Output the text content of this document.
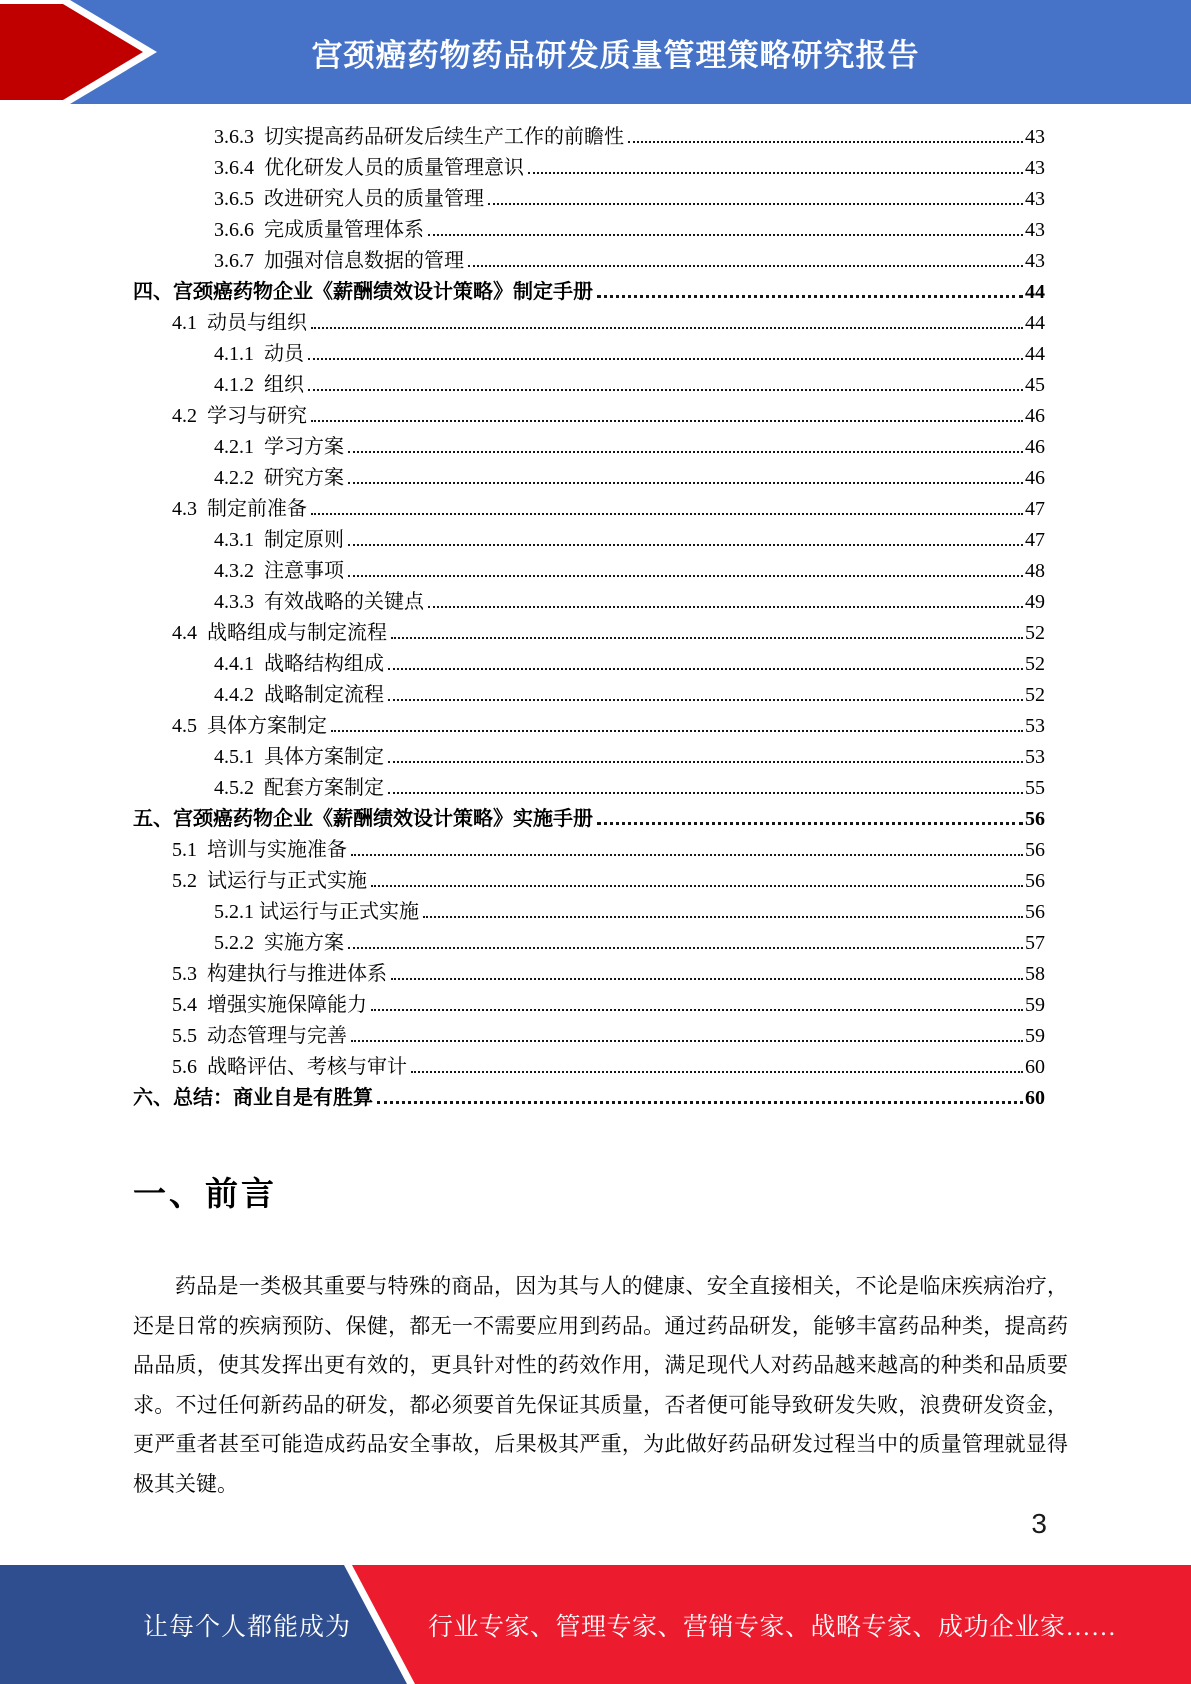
宫颈癌药物药品研发质量管理策略研究报告
3.6.3  切实提高药品研发后续生产工作的前瞻性	43
3.6.4  优化研发人员的质量管理意识	43
3.6.5  改进研究人员的质量管理	43
3.6.6  完成质量管理体系	43
3.6.7  加强对信息数据的管理	43
四、宫颈癌药物企业《薪酬绩效设计策略》制定手册	44
4.1  动员与组织	44
4.1.1  动员	44
4.1.2  组织	45
4.2  学习与研究	46
4.2.1  学习方案	46
4.2.2  研究方案	46
4.3  制定前准备	47
4.3.1  制定原则	47
4.3.2  注意事项	48
4.3.3  有效战略的关键点	49
4.4  战略组成与制定流程	52
4.4.1  战略结构组成	52
4.4.2  战略制定流程	52
4.5  具体方案制定	53
4.5.1  具体方案制定	53
4.5.2  配套方案制定	55
五、宫颈癌药物企业《薪酬绩效设计策略》实施手册	56
5.1  培训与实施准备	56
5.2  试运行与正式实施	56
5.2.1 试运行与正式实施	56
5.2.2  实施方案	57
5.3  构建执行与推进体系	58
5.4  增强实施保障能力	59
5.5  动态管理与完善	59
5.6  战略评估、考核与审计	60
六、总结：商业自是有胜算	60
一、前言

药品是一类极其重要与特殊的商品，因为其与人的健康、安全直接相关，不论是临床疾病治疗，还是日常的疾病预防、保健，都无一不需要应用到药品。通过药品研发，能够丰富药品种类，提高药品品质，使其发挥出更有效的，更具针对性的药效作用，满足现代人对药品越来越高的种类和品质要求。不过任何新药品的研发，都必须要首先保证其质量，否者便可能导致研发失败，浪费研发资金，更严重者甚至可能造成药品安全事故，后果极其严重，为此做好药品研发过程当中的质量管理就显得极其关键。

3
让每个人都能成为	行业专家、管理专家、营销专家、战略专家、成功企业家……
